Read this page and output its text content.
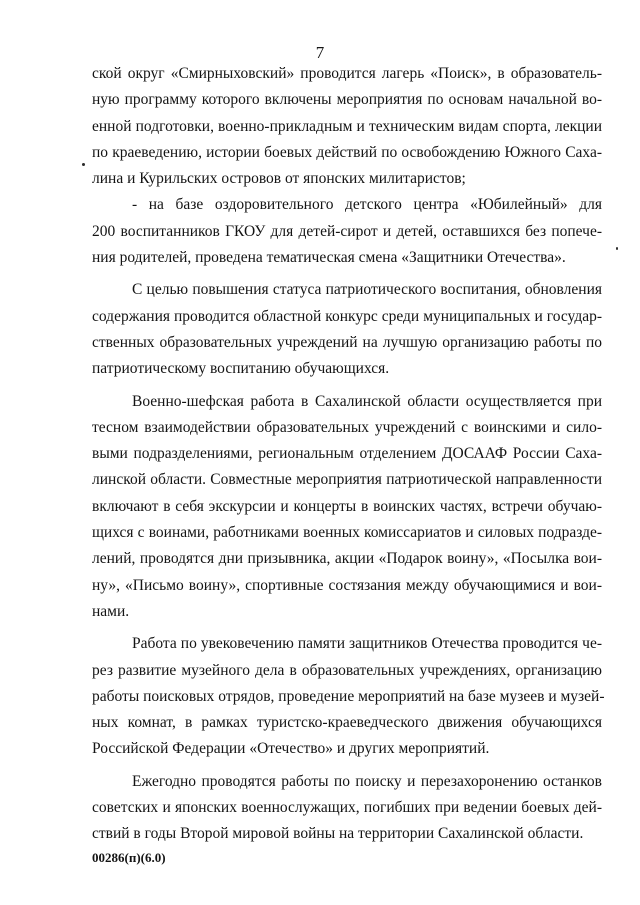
7
ской округ «Смирныховский» проводится лагерь «Поиск», в образователь-
ную программу которого включены мероприятия по основам начальной во-
енной подготовки, военно-прикладным и техническим видам спорта, лекции
по краеведению, истории боевых действий по освобождению Южного Саха-
лина и Курильских островов от японских милитаристов;
- на базе оздоровительного детского центра «Юбилейный» для
200 воспитанников ГКОУ для детей-сирот и детей, оставшихся без попече-
ния родителей, проведена тематическая смена «Защитники Отечества».
С целью повышения статуса патриотического воспитания, обновления
содержания проводится областной конкурс среди муниципальных и государ-
ственных образовательных учреждений на лучшую организацию работы по
патриотическому воспитанию обучающихся.
Военно-шефская работа в Сахалинской области осуществляется при
тесном взаимодействии образовательных учреждений с воинскими и сило-
выми подразделениями, региональным отделением ДОСААФ России Саха-
линской области. Совместные мероприятия патриотической направленности
включают в себя экскурсии и концерты в воинских частях, встречи обучаю-
щихся с воинами, работниками военных комиссариатов и силовых подразде-
лений, проводятся дни призывника, акции «Подарок воину», «Посылка вои-
ну», «Письмо воину», спортивные состязания между обучающимися и вои-
нами.
Работа по увековечению памяти защитников Отечества проводится че-
рез развитие музейного дела в образовательных учреждениях, организацию
работы поисковых отрядов, проведение мероприятий на базе музеев и музей-
ных комнат, в рамках туристско-краеведческого движения обучающихся
Российской Федерации «Отечество» и других мероприятий.
Ежегодно проводятся работы по поиску и перезахоронению останков
советских и японских военнослужащих, погибших при ведении боевых дей-
ствий в годы Второй мировой войны на территории Сахалинской области.
00286(п)(6.0)
